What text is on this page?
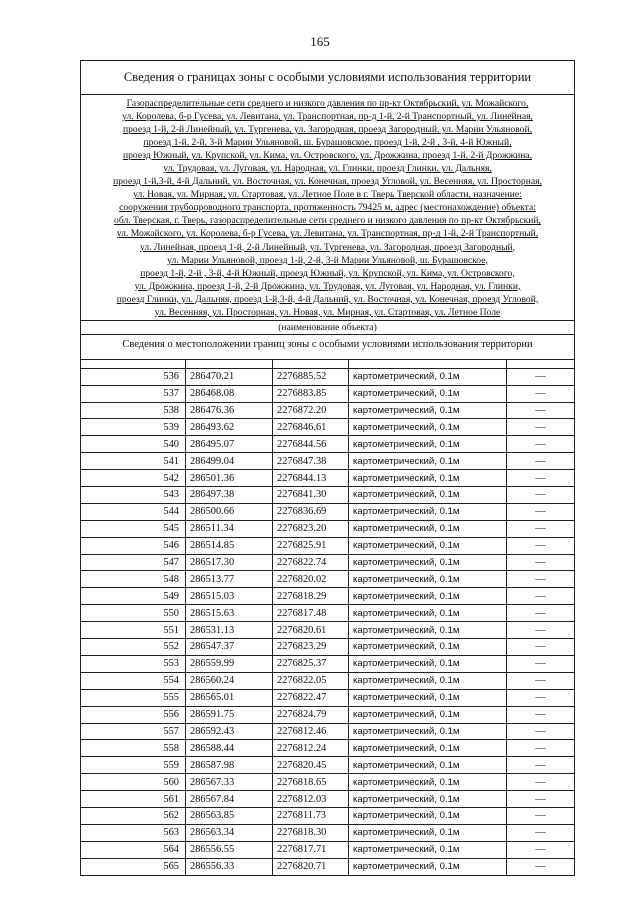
165
Сведения о границах зоны с особыми условиями использования территории
Газораспределительные сети среднего и низкого давления по пр-кт Октябрьский, ул. Можайского,
ул. Королева, б-р Гусева, ул. Левитана, ул. Транспортная, пр-д 1-й, 2-й Транспортный, ул. Линейная,
проезд 1-й, 2-й Линейный, ул. Тургенева, ул. Загородная, проезд Загородный, ул. Марии Ульяновой,
проезд 1-й, 2-й, 3-й Марии Ульяновой, ш. Бурашовское, проезд 1-й, 2-й , 3-й, 4-й Южный,
проезд Южный, ул. Крупской, ул. Кима, ул. Островского, ул. Дрожжина, проезд 1-й, 2-й Дрожжина,
ул. Трудовая, ул. Луговая, ул. Народная, ул. Глинки, проезд Глинки, ул. Дальняя,
проезд 1-й,3-й, 4-й Дальний, ул. Восточная, ул. Конечная, проезд Угловой, ул. Весенняя, ул. Просторная,
ул. Новая, ул. Мирная, ул. Стартовая, ул. Летное Поле в г. Тверь Тверской области, назначение:
сооружения трубопроводного транспорта, протяженность 79425 м, адрес (местонахождение) объекта:
обл. Тверская, г. Тверь, газораспределительные сети среднего и низкого давления по пр-кт Октябрьский,
ул. Можайского, ул. Королева, б-р Гусева, ул. Левитана, ул. Транспортная, пр-д 1-й, 2-й Транспортный,
ул. Линейная, проезд 1-й, 2-й Линейный, ул. Тургенева, ул. Загородная, проезд Загородный,
ул. Марии Ульяновой, проезд 1-й, 2-й, 3-й Марии Ульяновой, ш. Бурашовское,
проезд 1-й, 2-й , 3-й, 4-й Южный, проезд Южный, ул. Крупской, ул. Кима, ул. Островского,
ул. Дрожжина, проезд 1-й, 2-й Дрожжина, ул. Трудовая, ул. Луговая, ул. Народная, ул. Глинки,
проезд Глинки, ул. Дальняя, проезд 1-й,3-й, 4-й Дальний, ул. Восточная, ул. Конечная, проезд Угловой,
ул. Весенняя, ул. Просторная, ул. Новая, ул. Мирная, ул. Стартовая, ул. Летное Поле
(наименование объекта)
Сведения о местоположении границ зоны с особыми условиями использования территории

536	286470.21	2276885.52	картометрический, 0.1м	—
537	286468.08	2276883.85	картометрический, 0.1м	—
538	286476.36	2276872.20	картометрический, 0.1м	—
539	286493.62	2276846.61	картометрический, 0.1м	—
540	286495.07	2276844.56	картометрический, 0.1м	—
541	286499.04	2276847.38	картометрический, 0.1м	—
542	286501.36	2276844.13	картометрический, 0.1м	—
543	286497.38	2276841.30	картометрический, 0.1м	—
544	286500.66	2276836.69	картометрический, 0.1м	—
545	286511.34	2276823.20	картометрический, 0.1м	—
546	286514.85	2276825.91	картометрический, 0.1м	—
547	286517.30	2276822.74	картометрический, 0.1м	—
548	286513.77	2276820.02	картометрический, 0.1м	—
549	286515.03	2276818.29	картометрический, 0.1м	—
550	286515.63	2276817.48	картометрический, 0.1м	—
551	286531.13	2276820.61	картометрический, 0.1м	—
552	286547.37	2276823.29	картометрический, 0.1м	—
553	286559.99	2276825.37	картометрический, 0.1м	—
554	286560.24	2276822.05	картометрический, 0.1м	—
555	286565.01	2276822.47	картометрический, 0.1м	—
556	286591.75	2276824.79	картометрический, 0.1м	—
557	286592.43	2276812.46	картометрический, 0.1м	—
558	286588.44	2276812.24	картометрический, 0.1м	—
559	286587.98	2276820.45	картометрический, 0.1м	—
560	286567.33	2276818.65	картометрический, 0.1м	—
561	286567.84	2276812.03	картометрический, 0.1м	—
562	286563.85	2276811.73	картометрический, 0.1м	—
563	286563.34	2276818.30	картометрический, 0.1м	—
564	286556.55	2276817.71	картометрический, 0.1м	—
565	286556.33	2276820.71	картометрический, 0.1м	—
